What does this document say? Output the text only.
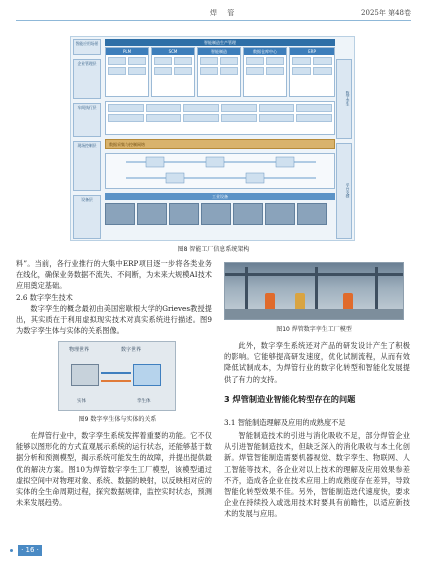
焊 管	2025年 第48卷
智能应用场景
企业管理层
车间执行层
现场控制层
设备层
数字孪生
平台支撑
智能制造生产管理
PLM	SCM	智能制造	数据仓库中心	ERP
数据采集与控制网络
工业设备
图8 智能工厂信息系统架构

料”。当前，各行业推行的大集中ERP项目逐一步将各类业务在线化，确保业务数据不流失、不间断，为未来大规模AI技术应用奠定基础。

2.6 数字孪生技术

数字孪生的概念最初由美国密歇根大学的Grieves教授提出，其实质在于利用虚拟现实技术对真实系统进行描述。图9为数字孪生体与实体的关系图像。	图10 焊管数字孪生工厂模型

此外，数字孪生系统还对产品的研发设计产生了积极的影响。它能够提高研发速度，优化试制流程，从而有效降低试制成本，为焊管行业的数字化转型和智能化发展提供了有力的支持。

3 焊管制造业智能化转型存在的问题
3.1 智能制造理解及应用的成熟度不足

智能制造技术的引进与消化吸收不足，部分焊管企业从引进智能制造技术，但缺乏深入的消化吸收与本土化创新。焊管智能制造需要机器视觉、数字孪生、物联网、人工智能等技术，各企业对以上技术的理解及应用效果参差不齐，造成各企业在技术应用上的成熟度存在差异，导致智能化转型效果不佳。另外，智能制造迭代速度快，要求企业在持续投入或选用技术时要具有前瞻性，以适应新技术的发展与应用。

物理世界	数字世界
实体	孪生体
图9 数字孪生体与实体的关系

在焊管行业中，数字孪生系统发挥着重要的功能。它不仅能够以图形化的方式直观展示系统的运行状态，还能够基于数据分析和预测模型，揭示系统可能发生的故障，并提出提供最优的解决方案。图10为焊管数字孪生工厂模型，该模型通过虚拟空间中对物理对象、系统、数据的映射，以反映相对应的实体的全生命周期过程，探究数据规律，监控实时状态，预测未来发展趋势。

· 16 ·
